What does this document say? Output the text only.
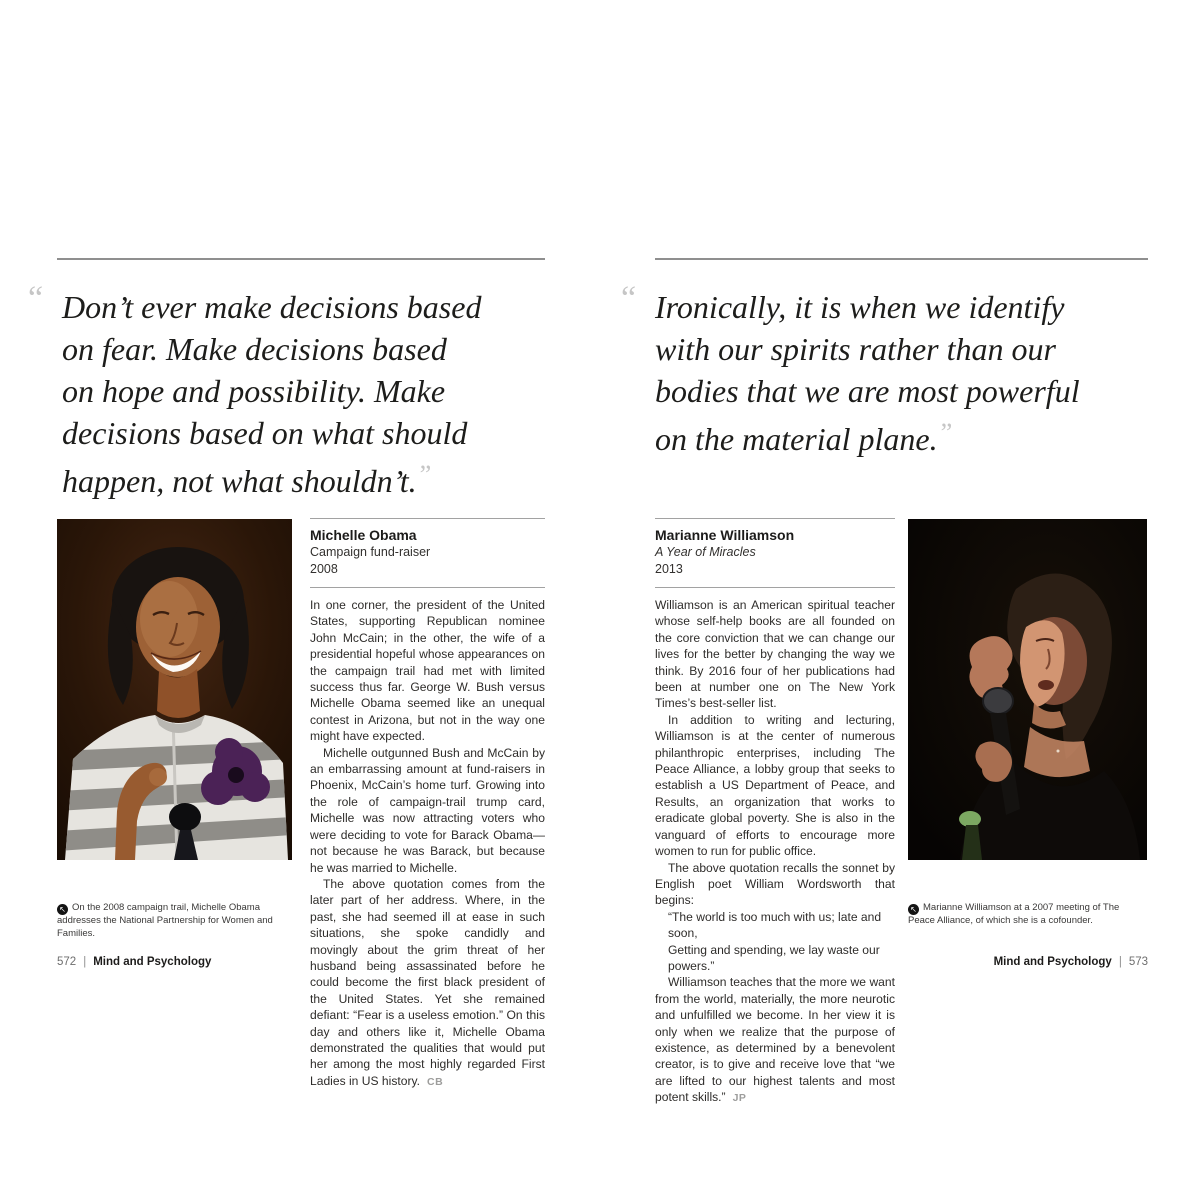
“ Don’t ever make decisions based
on fear. Make decisions based
on hope and possibility. Make
decisions based on what should
happen, not what shouldn’t. ”
↖ On the 2008 campaign trail, Michelle Obama addresses the National Partnership for Women and Families.
Michelle Obama
Campaign fund-raiser
2008

In one corner, the president of the United States, supporting Republican nominee John McCain; in the other, the wife of a presidential hopeful whose appearances on the campaign trail had met with limited success thus far. George W. Bush versus Michelle Obama seemed like an unequal contest in Arizona, but not in the way one might have expected.

Michelle outgunned Bush and McCain by an embarrassing amount at fund-raisers in Phoenix, McCain’s home turf. Growing into the role of campaign-trail trump card, Michelle was now attracting voters who were deciding to vote for Barack Obama—not because he was Barack, but because he was married to Michelle.

The above quotation comes from the later part of her address. Where, in the past, she had seemed ill at ease in such situations, she spoke candidly and movingly about the grim threat of her husband being assassinated before he could become the first black president of the United States. Yet she remained defiant: “Fear is a useless emotion.” On this day and others like it, Michelle Obama demonstrated the qualities that would put her among the most highly regarded First Ladies in US history. CB

“ Ironically, it is when we identify
with our spirits rather than our
bodies that we are most powerful
on the material plane. ”
Marianne Williamson
A Year of Miracles
2013

Williamson is an American spiritual teacher whose self-help books are all founded on the core conviction that we can change our lives for the better by changing the way we think. By 2016 four of her publications had been at number one on The New York Times’s best-seller list.

In addition to writing and lecturing, Williamson is at the center of numerous philanthropic enterprises, including The Peace Alliance, a lobby group that seeks to establish a US Department of Peace, and Results, an organization that works to eradicate global poverty. She is also in the vanguard of efforts to encourage more women to run for public office.

The above quotation recalls the sonnet by English poet William Wordsworth that begins:

“The world is too much with us; late and soon,

Getting and spending, we lay waste our powers.”

Williamson teaches that the more we want from the world, materially, the more neurotic and unfulfilled we become. In her view it is only when we realize that the purpose of existence, as determined by a benevolent creator, is to give and receive love that “we are lifted to our highest talents and most potent skills.” JP

↖ Marianne Williamson at a 2007 meeting of The Peace Alliance, of which she is a cofounder.
572 | Mind and Psychology	Mind and Psychology | 573
